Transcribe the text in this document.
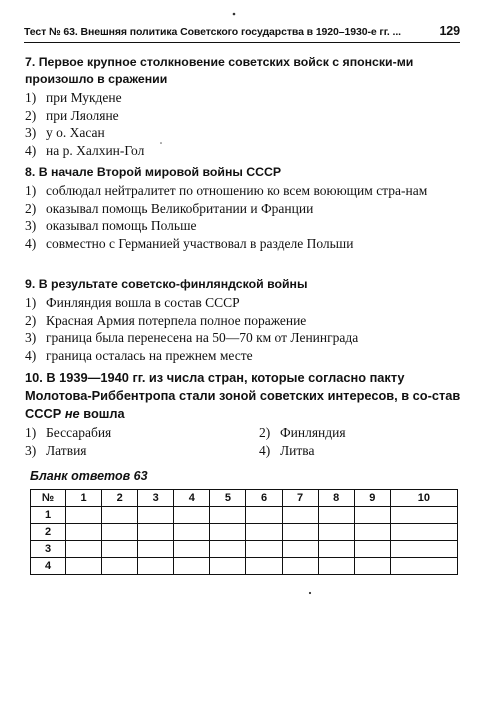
Тест № 63. Внешняя политика Советского государства в 1920–1930-е гг. ...	129

7. Первое крупное столкновение советских войск с японски-ми произошло в сражении

1) при Мукдене
2) при Ляоляне
3) у о. Хасан
4) на р. Халхин-Гол

8. В начале Второй мировой войны СССР

1) соблюдал нейтралитет по отношению ко всем воюющим стра-нам
2) оказывал помощь Великобритании и Франции
3) оказывал помощь Польше
4) совместно с Германией участвовал в разделе Польши

9. В результате советско-финляндской войны

1) Финляндия вошла в состав СССР
2) Красная Армия потерпела полное поражение
3) граница была перенесена на 50—70 км от Ленинграда
4) граница осталась на прежнем месте

10. В 1939—1940 гг. из числа стран, которые согласно пакту Молотова-Риббентропа стали зоной советских интересов, в со-став СССР не вошла

1) Бессарабия	2) Финляндия
3) Латвия	4) Литва
Бланк ответов 63
№	1	2	3	4	5	6	7	8	9	10
1										
2										
3										
4										
